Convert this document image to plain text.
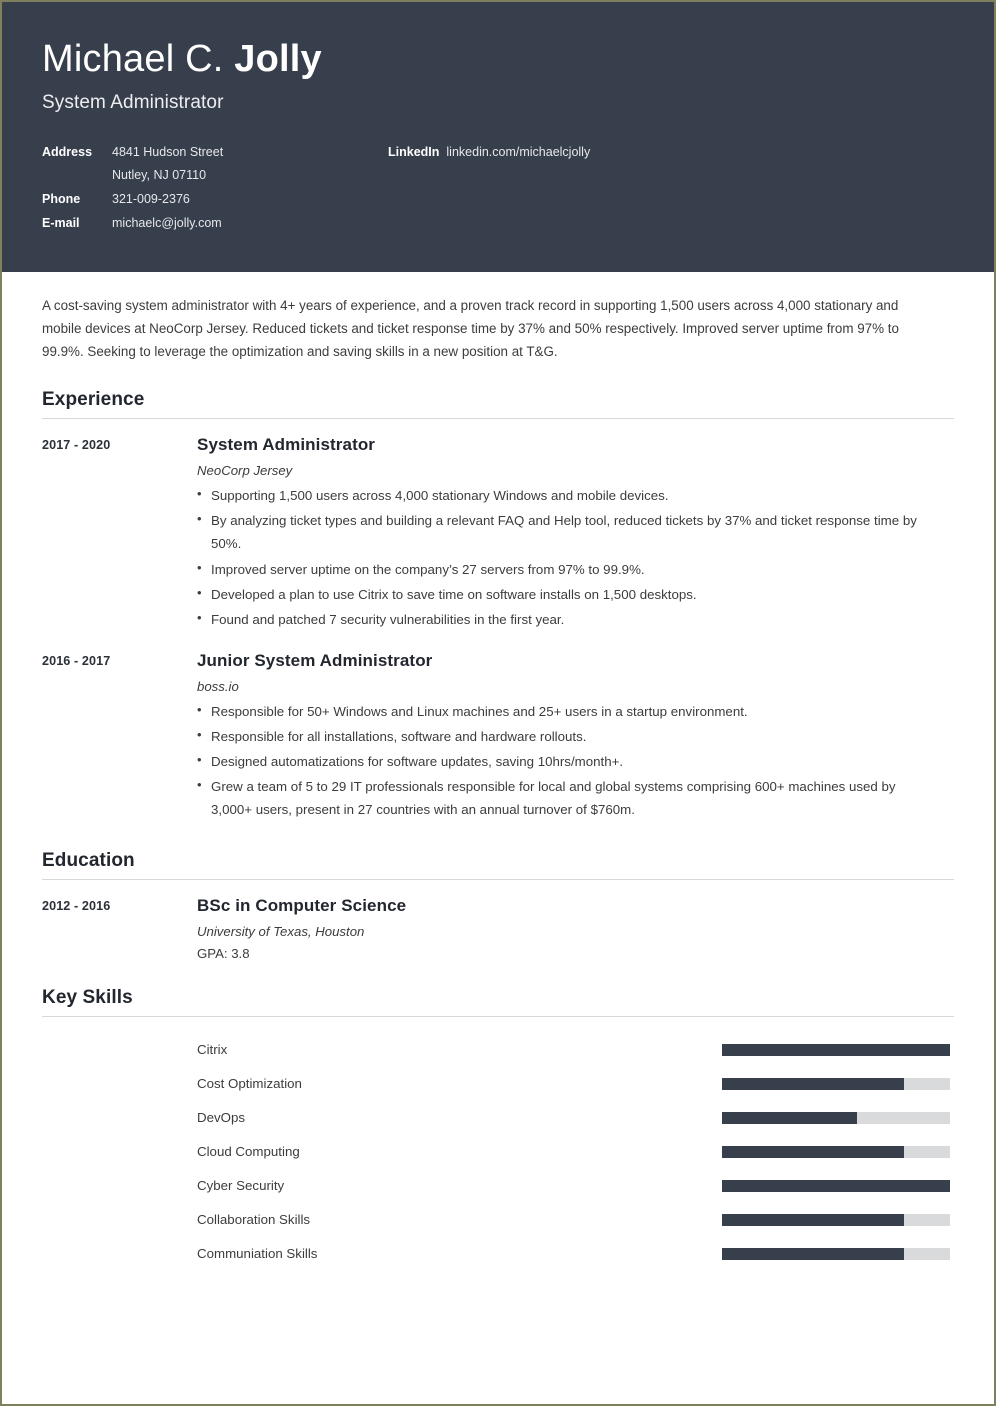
Michael C. Jolly
System Administrator
Address	4841 Hudson Street
Nutley, NJ 07110
Phone	321-009-2376
E-mail	michaelc@jolly.com
LinkedIn linkedin.com/michaelcjolly

A cost-saving system administrator with 4+ years of experience, and a proven track record in supporting 1,500 users across 4,000 stationary and mobile devices at NeoCorp Jersey. Reduced tickets and ticket response time by 37% and 50% respectively. Improved server uptime from 97% to 99.9%. Seeking to leverage the optimization and saving skills in a new position at T&G.

Experience
2017 - 2020	System Administrator
NeoCorp Jersey
• Supporting 1,500 users across 4,000 stationary Windows and mobile devices.
• By analyzing ticket types and building a relevant FAQ and Help tool, reduced tickets by 37% and ticket response time by 50%.
• Improved server uptime on the company’s 27 servers from 97% to 99.9%.
• Developed a plan to use Citrix to save time on software installs on 1,500 desktops.
• Found and patched 7 security vulnerabilities in the first year.
2016 - 2017	Junior System Administrator
boss.io
• Responsible for 50+ Windows and Linux machines and 25+ users in a startup environment.
• Responsible for all installations, software and hardware rollouts.
• Designed automatizations for software updates, saving 10hrs/month+.
• Grew a team of 5 to 29 IT professionals responsible for local and global systems comprising 600+ machines used by 3,000+ users, present in 27 countries with an annual turnover of $760m.
Education
2012 - 2016	BSc in Computer Science
University of Texas, Houston
GPA: 3.8
Key Skills
Citrix
Cost Optimization
DevOps
Cloud Computing
Cyber Security
Collaboration Skills
Communiation Skills
